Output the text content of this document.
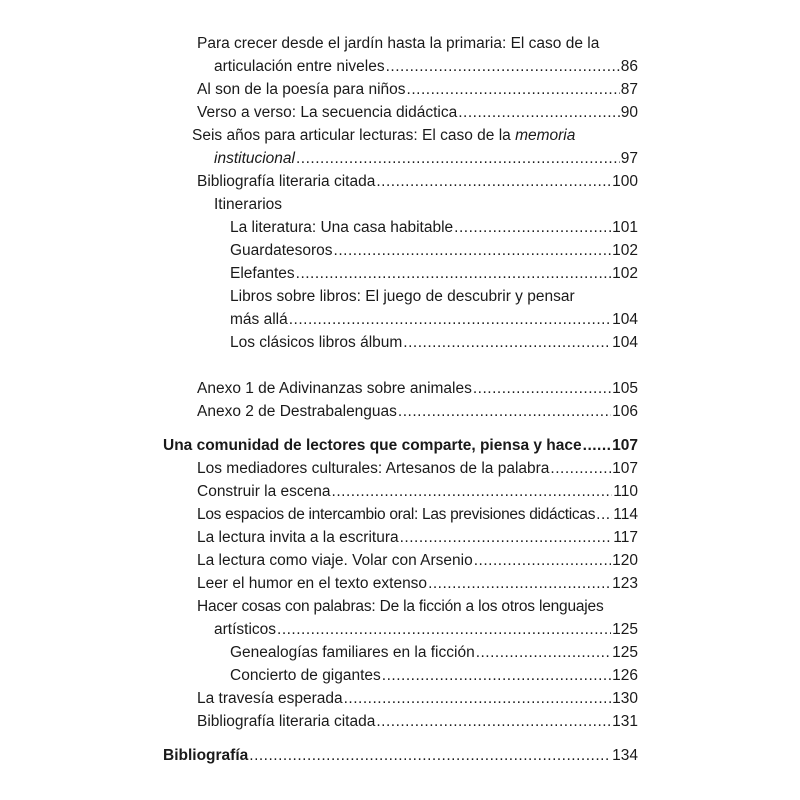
Para crecer desde el jardín hasta la primaria: El caso de la
articulación entre niveles .....	86
Al son de la poesía para niños .....	87
Verso a verso: La secuencia didáctica .....	90
Seis años para articular lecturas: El caso de la memoria
institucional .....	97
Bibliografía literaria citada .....	100
Itinerarios
La literatura: Una casa habitable .....	101
Guardatesoros .....	102
Elefantes .....	102
Libros sobre libros: El juego de descubrir y pensar
más allá .....	104
Los clásicos libros álbum .....	104
Anexo 1 de Adivinanzas sobre animales .....	105
Anexo 2 de Destrabalenguas .....	106
Una comunidad de lectores que comparte, piensa y hace ..... 107
Los mediadores culturales: Artesanos de la palabra .....	107
Construir la escena .....	110
Los espacios de intercambio oral: Las previsiones didácticas ..... 114
La lectura invita a la escritura .....	117
La lectura como viaje. Volar con Arsenio .....	120
Leer el humor en el texto extenso .....	123
Hacer cosas con palabras: De la ficción a los otros lenguajes
artísticos .....	125
Genealogías familiares en la ficción .....	125
Concierto de gigantes .....	126
La travesía esperada .....	130
Bibliografía literaria citada .....	131
Bibliografía .....	134
